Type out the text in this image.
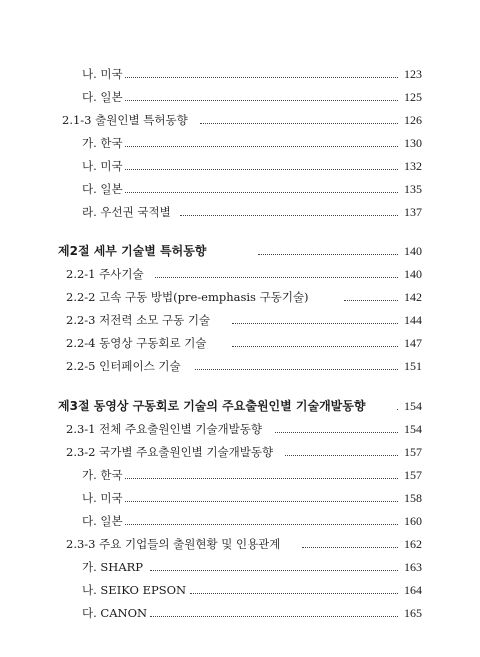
나. 미국	123
다. 일본	125
2.1-3 출원인별 특허동향	126
가. 한국	130
나. 미국	132
다. 일본	135
라. 우선권 국적별	137
제2절 세부 기술별 특허동향	140
2.2-1 주사기술	140
2.2-2 고속 구동 방법(pre-emphasis 구동기술)	142
2.2-3 저전력 소모 구동 기술	144
2.2-4 동영상 구동회로 기술	147
2.2-5 인터페이스 기술	151
제3절 동영상 구동회로 기술의 주요출원인별 기술개발동향	154
2.3-1 전체 주요출원인별 기술개발동향	154
2.3-2 국가별 주요출원인별 기술개발동향	157
가. 한국	157
나. 미국	158
다. 일본	160
2.3-3 주요 기업들의 출원현황 및 인용관계	162
가. SHARP	163
나. SEIKO EPSON	164
다. CANON	165
